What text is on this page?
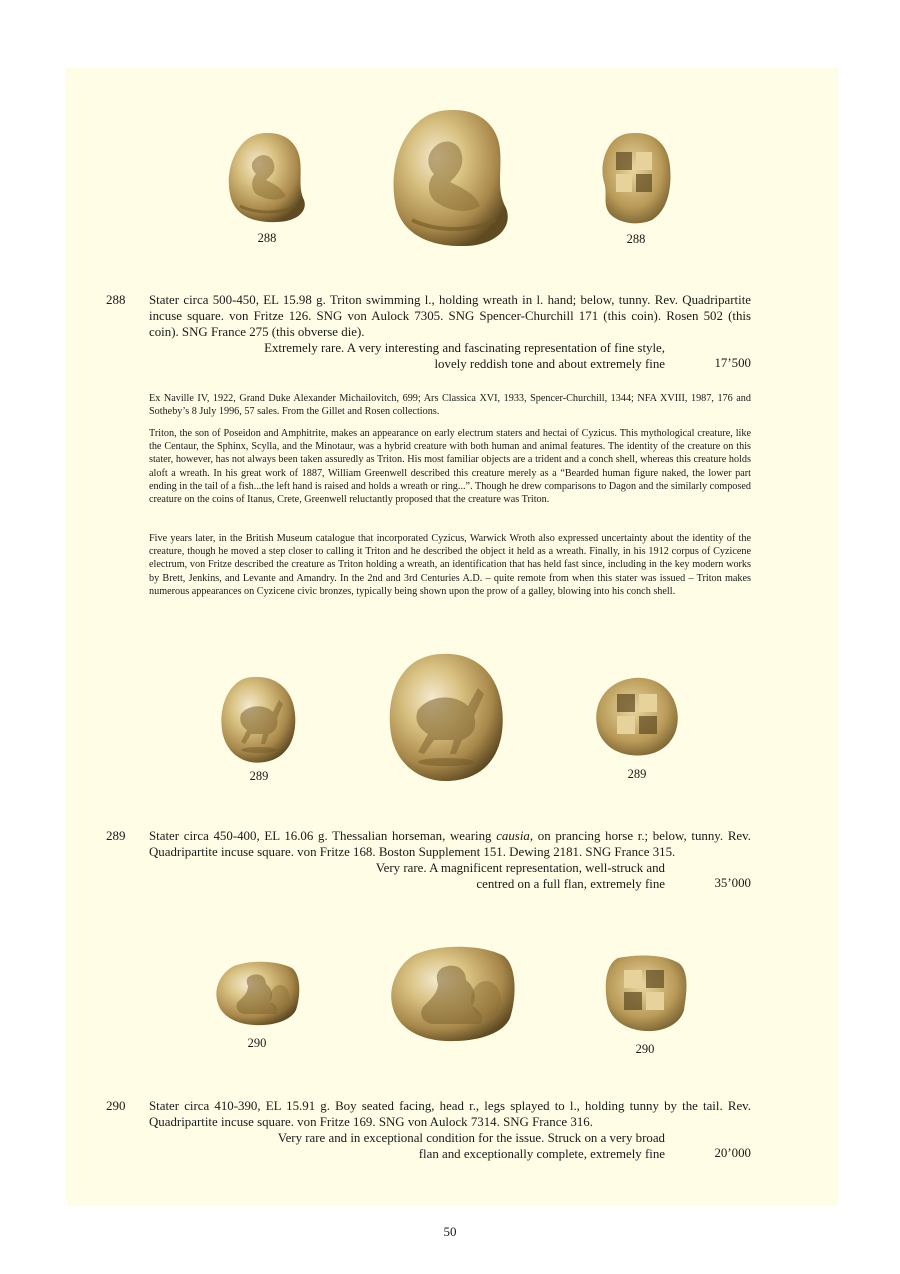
288	288
288 Stater circa 500-450, EL 15.98 g. Triton swimming l., holding wreath in l. hand; below, tunny. Rev. Quadripartite incuse square. von Fritze 126. SNG von Aulock 7305. SNG Spencer-Churchill 171 (this coin). Rosen 502 (this coin). SNG France 275 (this obverse die).
Extremely rare. A very interesting and fascinating representation of fine style,
lovely reddish tone and about extremely fine	17’500
Ex Naville IV, 1922, Grand Duke Alexander Michailovitch, 699; Ars Classica XVI, 1933, Spencer-Churchill, 1344; NFA XVIII, 1987, 176 and Sotheby’s 8 July 1996, 57 sales. From the Gillet and Rosen collections.
Triton, the son of Poseidon and Amphitrite, makes an appearance on early electrum staters and hectai of Cyzicus. This mythological creature, like the Centaur, the Sphinx, Scylla, and the Minotaur, was a hybrid creature with both human and animal features. The identity of the creature on this stater, however, has not always been taken assuredly as Triton. His most familiar objects are a trident and a conch shell, whereas this creature holds aloft a wreath. In his great work of 1887, William Greenwell described this creature merely as a “Bearded human figure naked, the lower part ending in the tail of a fish...the left hand is raised and holds a wreath or ring...”. Though he drew comparisons to Dagon and the similarly composed creature on the coins of Itanus, Crete, Greenwell reluctantly proposed that the creature was Triton.
Five years later, in the British Museum catalogue that incorporated Cyzicus, Warwick Wroth also expressed uncertainty about the identity of the creature, though he moved a step closer to calling it Triton and he described the object it held as a wreath. Finally, in his 1912 corpus of Cyzicene electrum, von Fritze described the creature as Triton holding a wreath, an identification that has held fast since, including in the key modern works by Brett, Jenkins, and Levante and Amandry. In the 2nd and 3rd Centuries A.D. – quite remote from when this stater was issued – Triton makes numerous appearances on Cyzicene civic bronzes, typically being shown upon the prow of a galley, blowing into his conch shell.
289	289
289 Stater circa 450-400, EL 16.06 g. Thessalian horseman, wearing causia, on prancing horse r.; below, tunny. Rev. Quadripartite incuse square. von Fritze 168. Boston Supplement 151. Dewing 2181. SNG France 315.
Very rare. A magnificent representation, well-struck and
centred on a full flan, extremely fine	35’000
290	290
290 Stater circa 410-390, EL 15.91 g. Boy seated facing, head r., legs splayed to l., holding tunny by the tail. Rev. Quadripartite incuse square. von Fritze 169. SNG von Aulock 7314. SNG France 316.
Very rare and in exceptional condition for the issue. Struck on a very broad
flan and exceptionally complete, extremely fine	20’000
50
